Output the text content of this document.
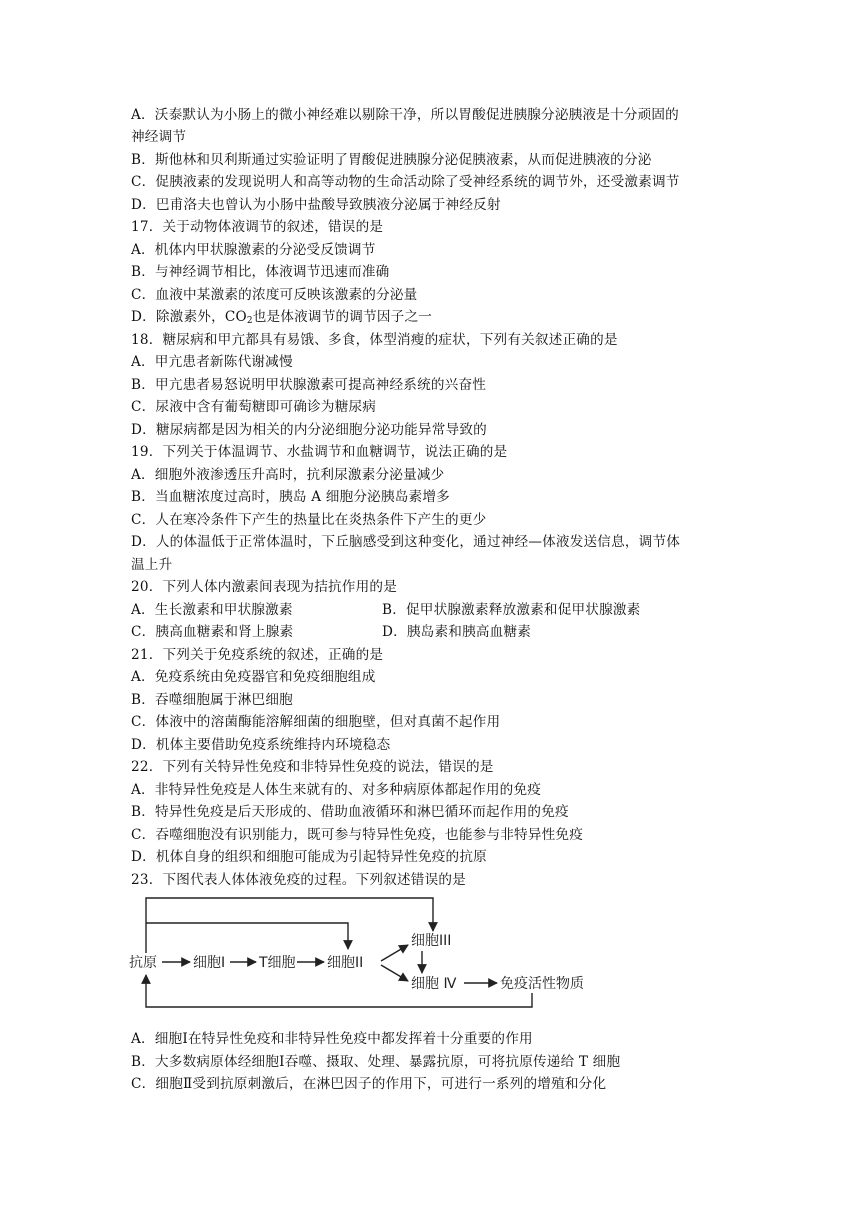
A．沃泰默认为小肠上的微小神经难以剔除干净，所以胃酸促进胰腺分泌胰液是十分顽固的
神经调节
B．斯他林和贝利斯通过实验证明了胃酸促进胰腺分泌促胰液素，从而促进胰液的分泌
C．促胰液素的发现说明人和高等动物的生命活动除了受神经系统的调节外，还受激素调节
D．巴甫洛夫也曾认为小肠中盐酸导致胰液分泌属于神经反射
17．关于动物体液调节的叙述，错误的是
A．机体内甲状腺激素的分泌受反馈调节
B．与神经调节相比，体液调节迅速而准确
C．血液中某激素的浓度可反映该激素的分泌量
D．除激素外，$CO_2$也是体液调节的调节因子之一
18．糖尿病和甲亢都具有易饿、多食，体型消瘦的症状，下列有关叙述正确的是
A．甲亢患者新陈代谢减慢
B．甲亢患者易怒说明甲状腺激素可提高神经系统的兴奋性
C．尿液中含有葡萄糖即可确诊为糖尿病
D．糖尿病都是因为相关的内分泌细胞分泌功能异常导致的
19．下列关于体温调节、水盐调节和血糖调节，说法正确的是
A．细胞外液渗透压升高时，抗利尿激素分泌量减少
B．当血糖浓度过高时，胰岛 A 细胞分泌胰岛素增多
C．人在寒冷条件下产生的热量比在炎热条件下产生的更少
D．人的体温低于正常体温时，下丘脑感受到这种变化，通过神经—体液发送信息，调节体
温上升
20．下列人体内激素间表现为拮抗作用的是
A．生长激素和甲状腺激素	B．促甲状腺激素释放激素和促甲状腺激素
C．胰高血糖素和肾上腺素	D．胰岛素和胰高血糖素
21．下列关于免疫系统的叙述，正确的是
A．免疫系统由免疫器官和免疫细胞组成
B．吞噬细胞属于淋巴细胞
C．体液中的溶菌酶能溶解细菌的细胞壁，但对真菌不起作用
D．机体主要借助免疫系统维持内环境稳态
22．下列有关特异性免疫和非特异性免疫的说法，错误的是
A．非特异性免疫是人体生来就有的、对多种病原体都起作用的免疫
B．特异性免疫是后天形成的、借助血液循环和淋巴循环而起作用的免疫
C．吞噬细胞没有识别能力，既可参与特异性免疫，也能参与非特异性免疫
D．机体自身的组织和细胞可能成为引起特异性免疫的抗原
23．下图代表人体体液免疫的过程。下列叙述错误的是
抗原	细胞Ⅰ T细胞 细胞ⅠⅠ
细胞ⅠⅠⅠ
细胞 Ⅳ	免疫活性物质
A．细胞Ⅰ在特异性免疫和非特异性免疫中都发挥着十分重要的作用
B．大多数病原体经细胞Ⅰ吞噬、摄取、处理、暴露抗原，可将抗原传递给 T 细胞
C．细胞Ⅱ受到抗原刺激后，在淋巴因子的作用下，可进行一系列的增殖和分化
